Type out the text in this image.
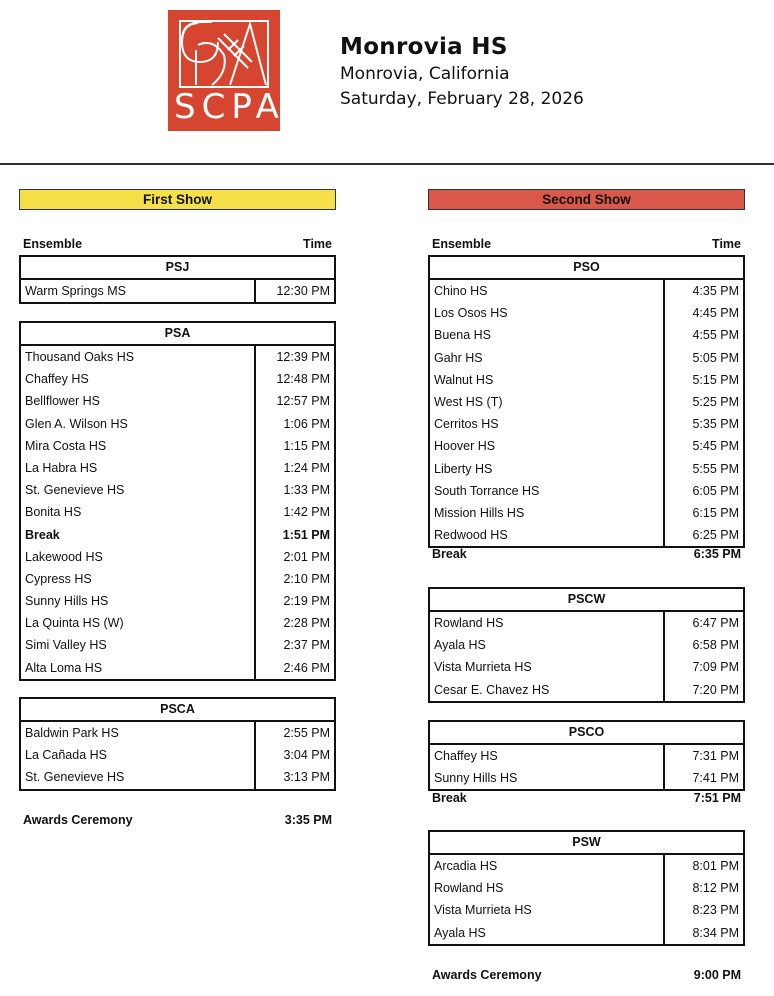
SCPA
Monrovia HS
Monrovia, California
Saturday, February 28, 2026
First Show
Ensemble	Time
PSJ
Warm Springs MS	12:30 PM
PSA
Thousand Oaks HS	12:39 PM
Chaffey HS	12:48 PM
Bellflower HS	12:57 PM
Glen A. Wilson HS	1:06 PM
Mira Costa HS	1:15 PM
La Habra HS	1:24 PM
St. Genevieve HS	1:33 PM
Bonita HS	1:42 PM
Break	1:51 PM
Lakewood HS	2:01 PM
Cypress HS	2:10 PM
Sunny Hills HS	2:19 PM
La Quinta HS (W)	2:28 PM
Simi Valley HS	2:37 PM
Alta Loma HS	2:46 PM
PSCA
Baldwin Park HS	2:55 PM
La Cañada HS	3:04 PM
St. Genevieve HS	3:13 PM
Awards Ceremony	3:35 PM
Second Show
Ensemble	Time
PSO
Chino HS	4:35 PM
Los Osos HS	4:45 PM
Buena HS	4:55 PM
Gahr HS	5:05 PM
Walnut HS	5:15 PM
West HS (T)	5:25 PM
Cerritos HS	5:35 PM
Hoover HS	5:45 PM
Liberty HS	5:55 PM
South Torrance HS	6:05 PM
Mission Hills HS	6:15 PM
Redwood HS	6:25 PM
Break	6:35 PM
PSCW
Rowland HS	6:47 PM
Ayala HS	6:58 PM
Vista Murrieta HS	7:09 PM
Cesar E. Chavez HS	7:20 PM
PSCO
Chaffey HS	7:31 PM
Sunny Hills HS	7:41 PM
Break	7:51 PM
PSW
Arcadia HS	8:01 PM
Rowland HS	8:12 PM
Vista Murrieta HS	8:23 PM
Ayala HS	8:34 PM
Awards Ceremony	9:00 PM
